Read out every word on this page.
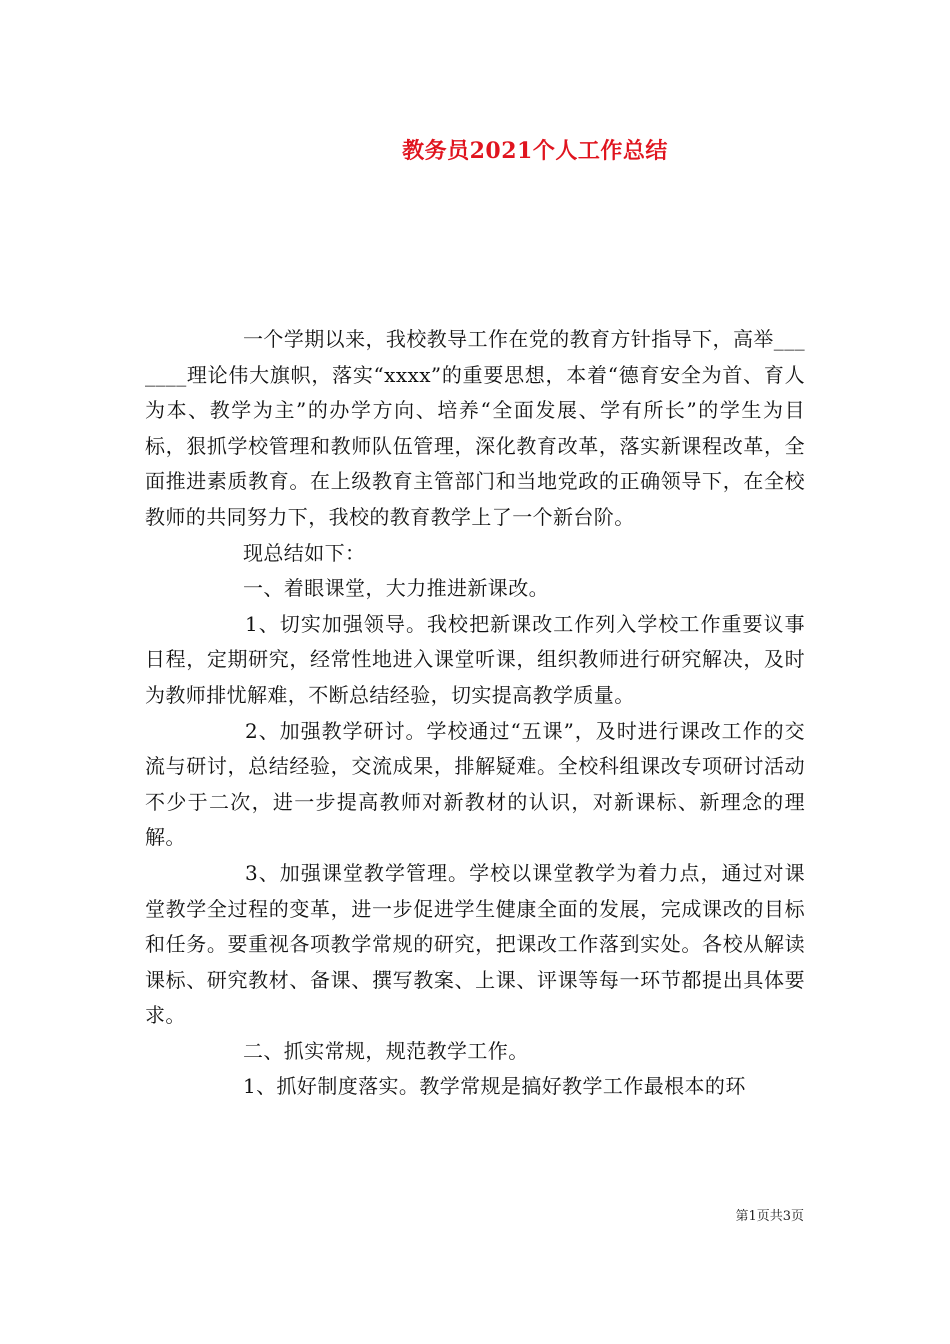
教务员2021个人工作总结

一个学期以来，我校教导工作在党的教育方针指导下，高举_______理论伟大旗帜，落实“xxxx”的重要思想，本着“德育安全为首、育人为本、教学为主”的办学方向、培养“全面发展、学有所长”的学生为目标，狠抓学校管理和教师队伍管理，深化教育改革，落实新课程改革，全面推进素质教育。在上级教育主管部门和当地党政的正确领导下，在全校教师的共同努力下，我校的教育教学上了一个新台阶。

现总结如下：

一、着眼课堂，大力推进新课改。

1、切实加强领导。我校把新课改工作列入学校工作重要议事日程，定期研究，经常性地进入课堂听课，组织教师进行研究解决，及时为教师排忧解难，不断总结经验，切实提高教学质量。

2、加强教学研讨。学校通过“五课”，及时进行课改工作的交流与研讨，总结经验，交流成果，排解疑难。全校科组课改专项研讨活动不少于二次，进一步提高教师对新教材的认识，对新课标、新理念的理解。

3、加强课堂教学管理。学校以课堂教学为着力点，通过对课堂教学全过程的变革，进一步促进学生健康全面的发展，完成课改的目标和任务。要重视各项教学常规的研究，把课改工作落到实处。各校从解读课标、研究教材、备课、撰写教案、上课、评课等每一环节都提出具体要求。

二、抓实常规，规范教学工作。

1、抓好制度落实。教学常规是搞好教学工作最根本的环

第1页共3页
